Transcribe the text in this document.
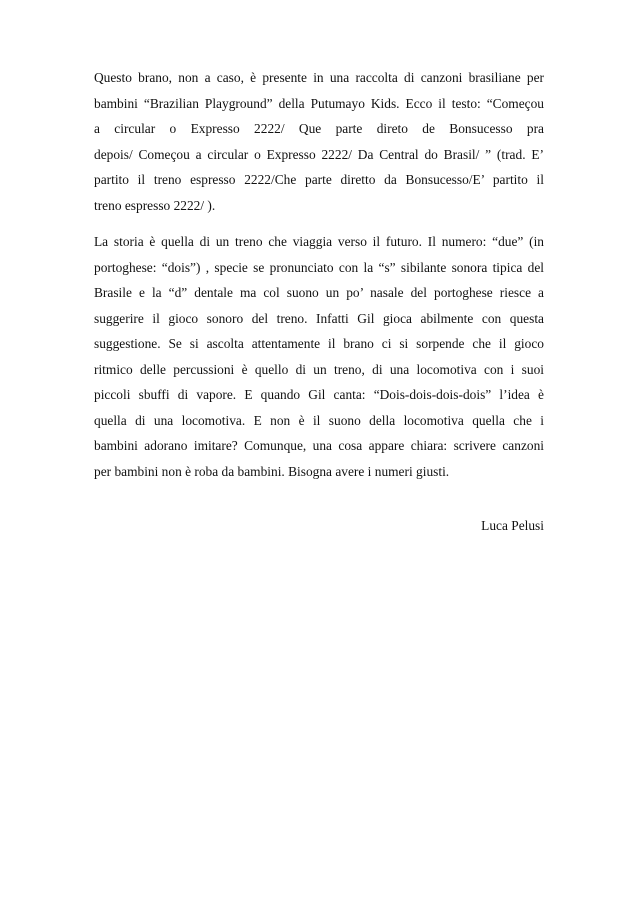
Questo brano, non a caso, è presente in una raccolta di canzoni brasiliane per
bambini “Brazilian Playground” della Putumayo Kids. Ecco il testo: “Começou
a circular o Expresso 2222/ Que parte direto de Bonsucesso pra
depois/ Começou a circular o Expresso 2222/ Da Central do Brasil/ ” (trad. E’
partito il treno espresso 2222/Che parte diretto da Bonsucesso/E’ partito il
treno espresso 2222/ ).
La storia è quella di un treno che viaggia verso il futuro. Il numero: “due” (in
portoghese: “dois”) , specie se pronunciato con la “s” sibilante sonora tipica del
Brasile e la “d” dentale ma col suono un po’ nasale del portoghese riesce a
suggerire il gioco sonoro del treno. Infatti Gil gioca abilmente con questa
suggestione. Se si ascolta attentamente il brano ci si sorpende che il gioco
ritmico delle percussioni è quello di un treno, di una locomotiva con i suoi
piccoli sbuffi di vapore. E quando Gil canta: “Dois-dois-dois-dois” l’idea è
quella di una locomotiva. E non è il suono della locomotiva quella che i
bambini adorano imitare? Comunque, una cosa appare chiara: scrivere canzoni
per bambini non è roba da bambini. Bisogna avere i numeri giusti.
Luca Pelusi
